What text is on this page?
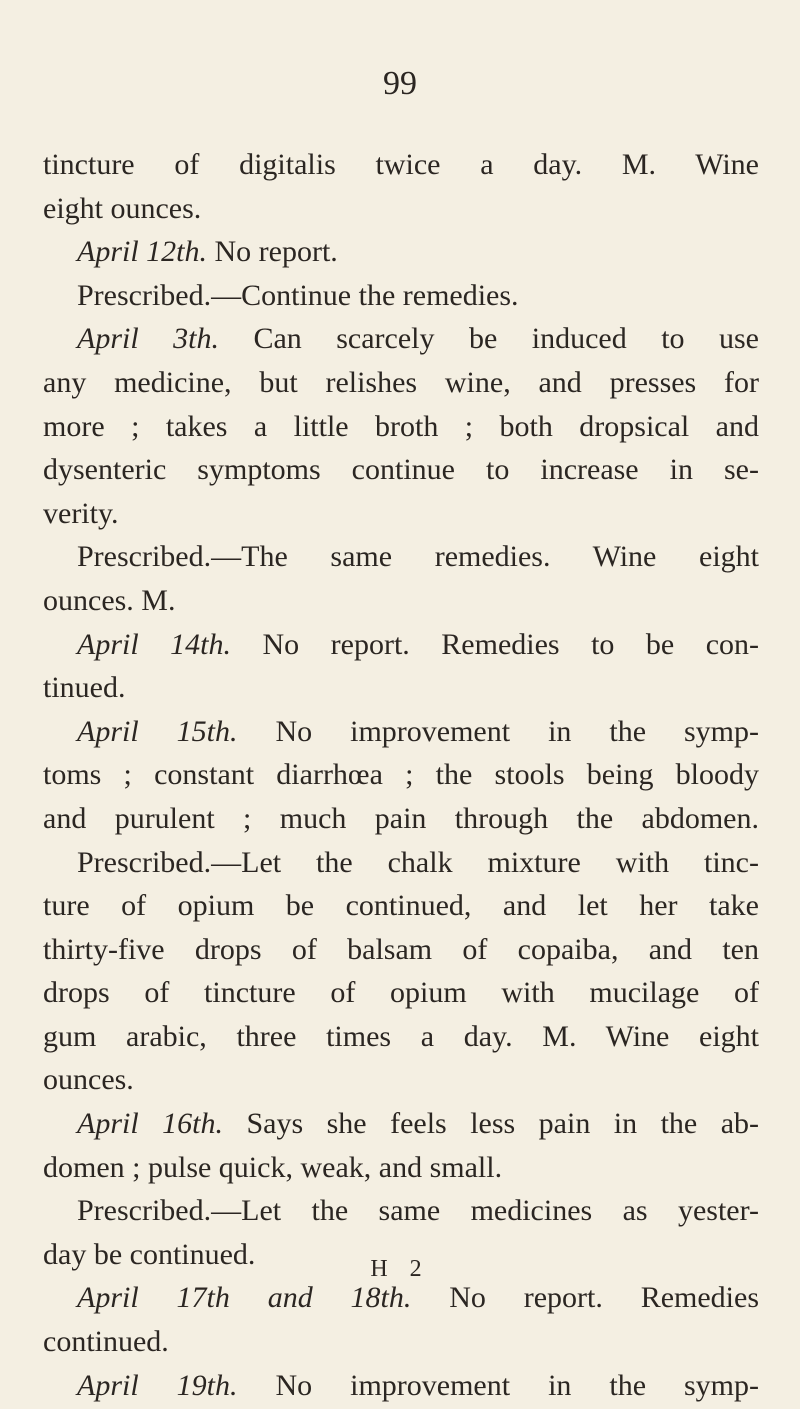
99
tincture of digitalis twice a day. M. Wine
eight ounces.
April 12th. No report.
Prescribed.—Continue the remedies.
April 3th. Can scarcely be induced to use
any medicine, but relishes wine, and presses for
more ; takes a little broth ; both dropsical and
dysenteric symptoms continue to increase in se-
verity.
Prescribed.—The same remedies. Wine eight
ounces. M.
April 14th. No report. Remedies to be con-
tinued.
April 15th. No improvement in the symp-
toms ; constant diarrhœa ; the stools being bloody
and purulent ; much pain through the abdomen.
Prescribed.—Let the chalk mixture with tinc-
ture of opium be continued, and let her take
thirty-five drops of balsam of copaiba, and ten
drops of tincture of opium with mucilage of
gum arabic, three times a day. M. Wine eight
ounces.
April 16th. Says she feels less pain in the ab-
domen ; pulse quick, weak, and small.
Prescribed.—Let the same medicines as yester-
day be continued.
April 17th and 18th. No report. Remedies
continued.
April 19th. No improvement in the symp-
H 2
